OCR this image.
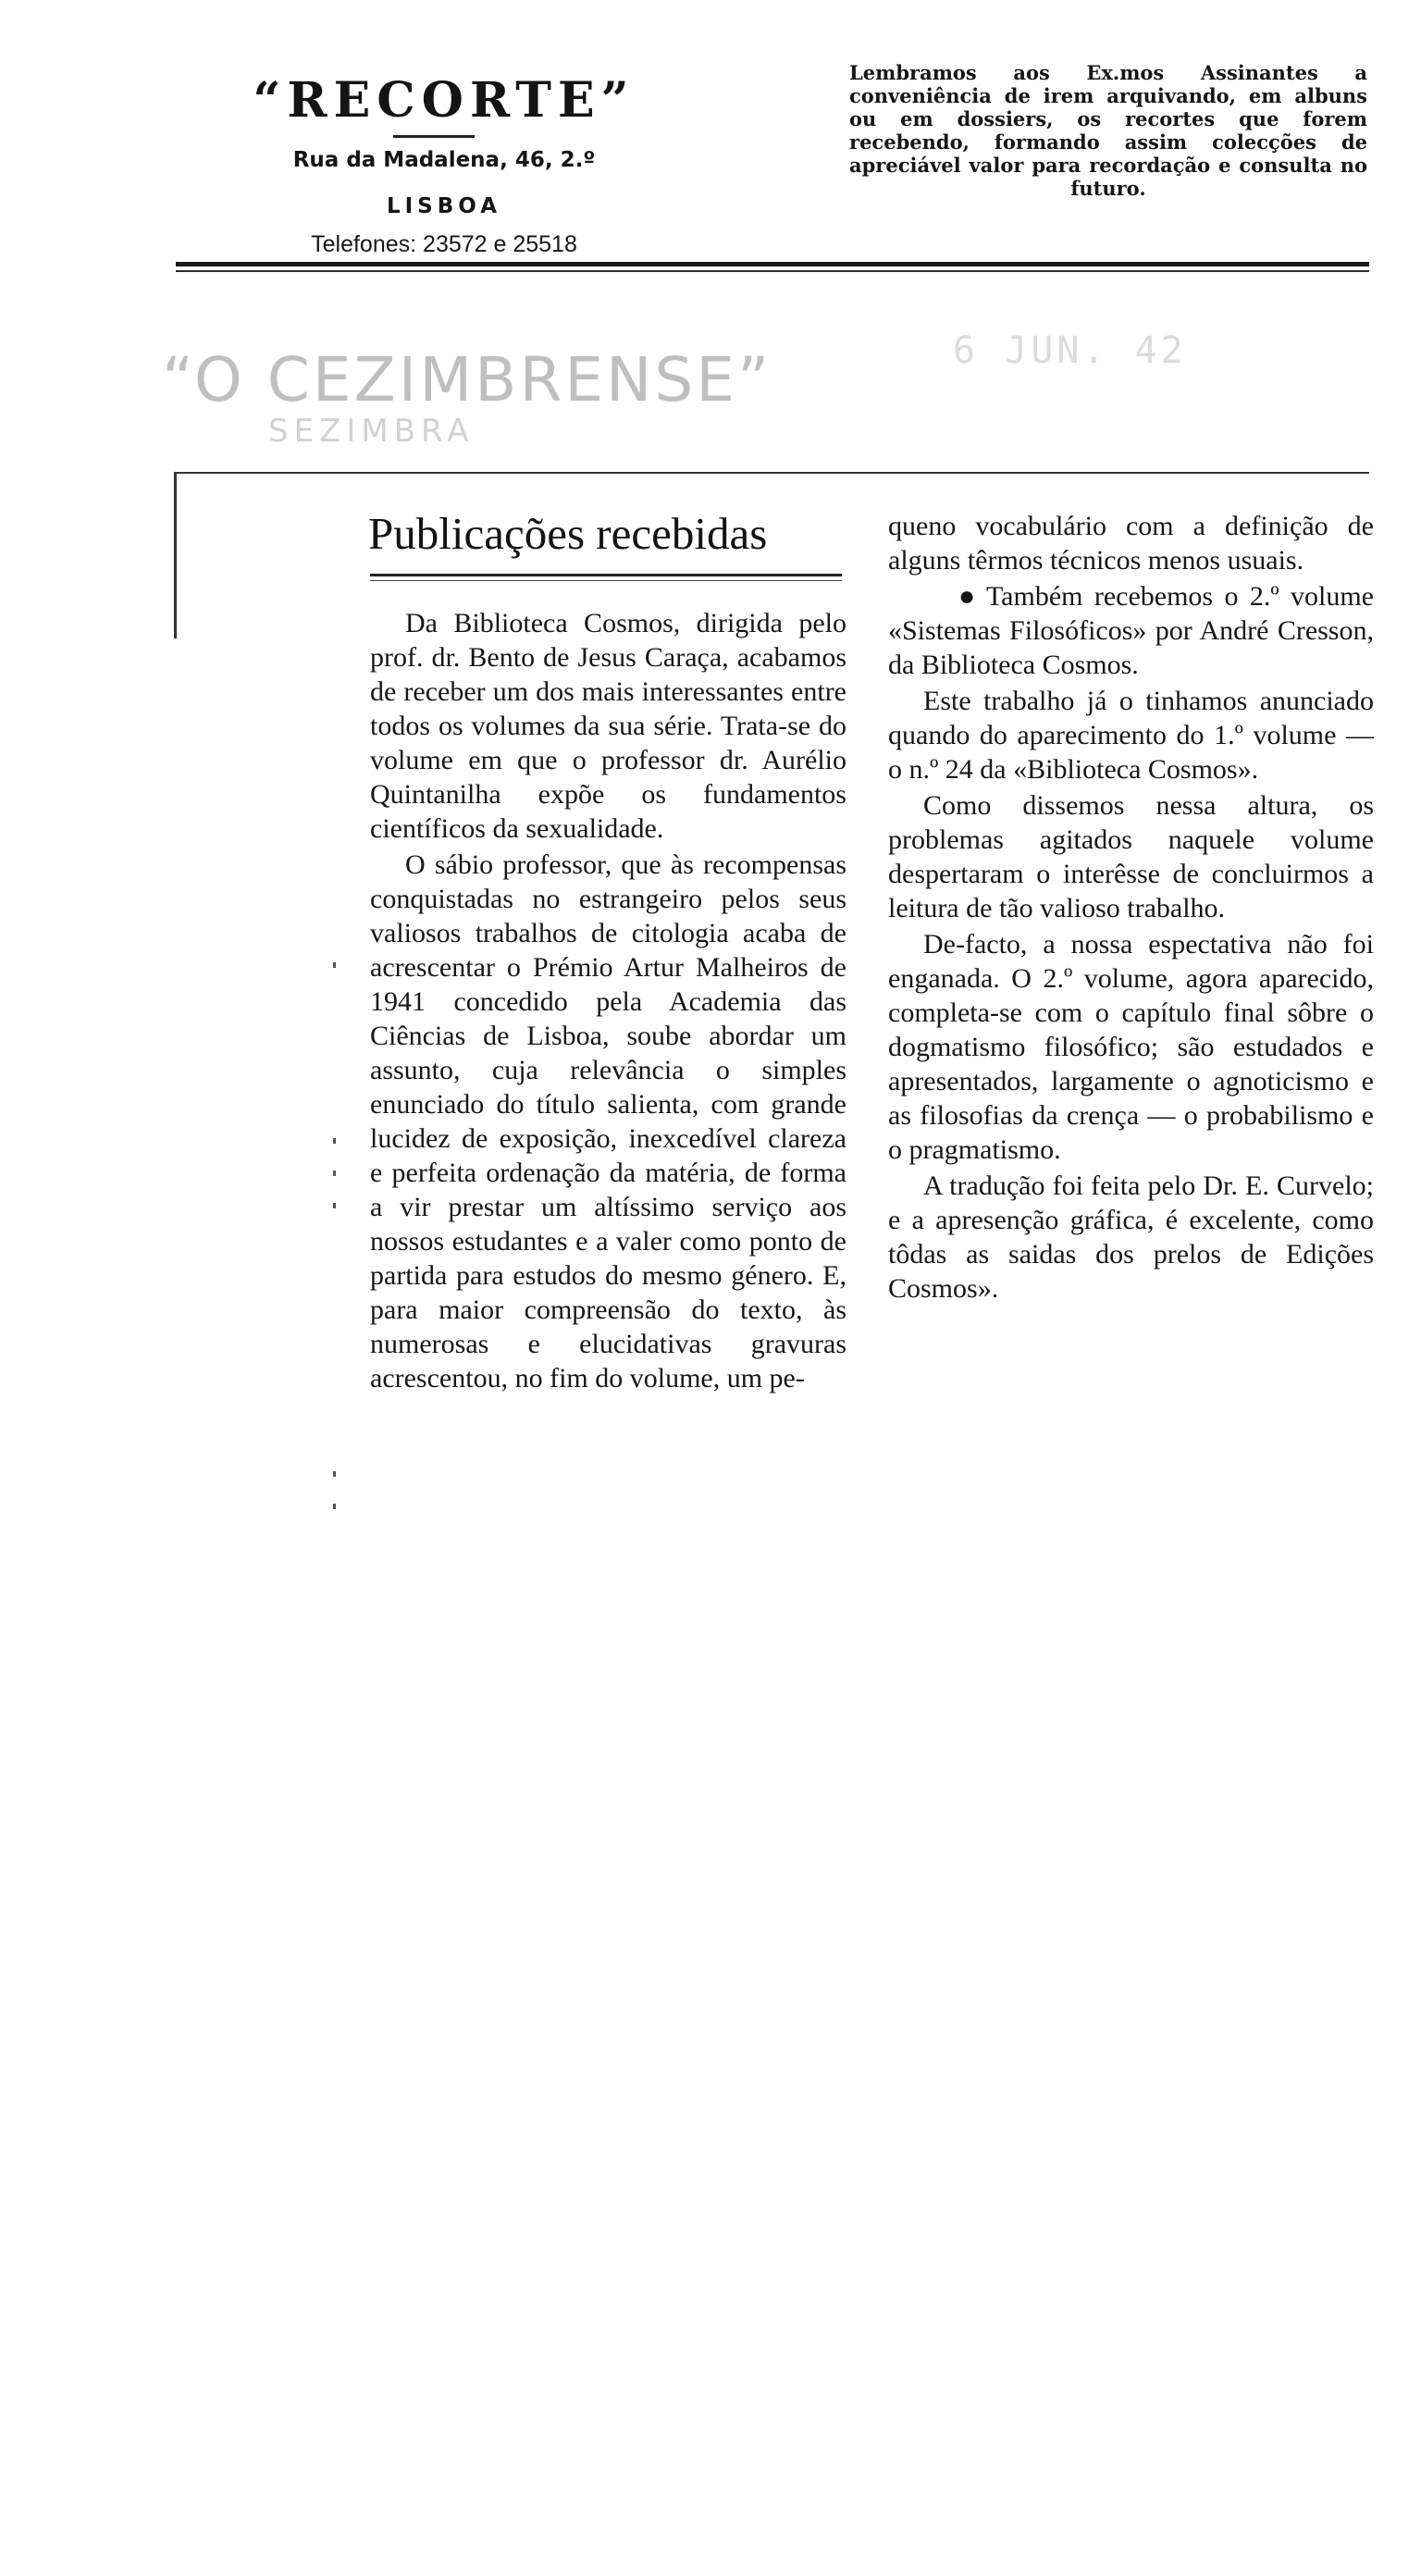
“RECORTE”
Rua da Madalena, 46, 2.º
LISBOA
Telefones: 23572 e 25518
Lembramos aos Ex.mos Assinantes a conveniência de irem arquivando, em albuns ou em dossiers, os recortes que forem recebendo, formando assim colecções de apreciável valor para recordação e consulta no futuro.
“O CEZIMBRENSE”
SEZIMBRA
6 JUN. 42
Publicações recebidas

Da Biblioteca Cosmos, dirigida pelo prof. dr. Bento de Jesus Caraça, acabamos de receber um dos mais interessantes entre todos os volumes da sua série. Trata-se do volume em que o professor dr. Aurélio Quintanilha expõe os fundamentos científicos da sexualidade.

O sábio professor, que às recompensas conquistadas no estrangeiro pelos seus valiosos trabalhos de citologia acaba de acrescentar o Prémio Artur Malheiros de 1941 concedido pela Academia das Ciências de Lisboa, soube abordar um assunto, cuja relevância o simples enunciado do título salienta, com grande lucidez de exposição, inexcedível clareza e perfeita ordenação da matéria, de forma a vir prestar um altíssimo serviço aos nossos estudantes e a valer como ponto de partida para estudos do mesmo género. E, para maior compreensão do texto, às numerosas e elucidativas gravuras acrescentou, no fim do volume, um pe-

queno vocabulário com a definição de alguns têrmos técnicos menos usuais.

● Também recebemos o 2.º volume «Sistemas Filosóficos» por André Cresson, da Biblioteca Cosmos.

Este trabalho já o tinhamos anunciado quando do aparecimento do 1.º volume — o n.º 24 da «Biblioteca Cosmos».

Como dissemos nessa altura, os problemas agitados naquele volume despertaram o interêsse de concluirmos a leitura de tão valioso trabalho.

De-facto, a nossa espectativa não foi enganada. O 2.º volume, agora aparecido, completa-se com o capítulo final sôbre o dogmatismo filosófico; são estudados e apresentados, largamente o agnoticismo e as filosofias da crença — o probabilismo e o pragmatismo.

A tradução foi feita pelo Dr. E. Curvelo; e a apresenção gráfica, é excelente, como tôdas as saidas dos prelos de Edições Cosmos».
